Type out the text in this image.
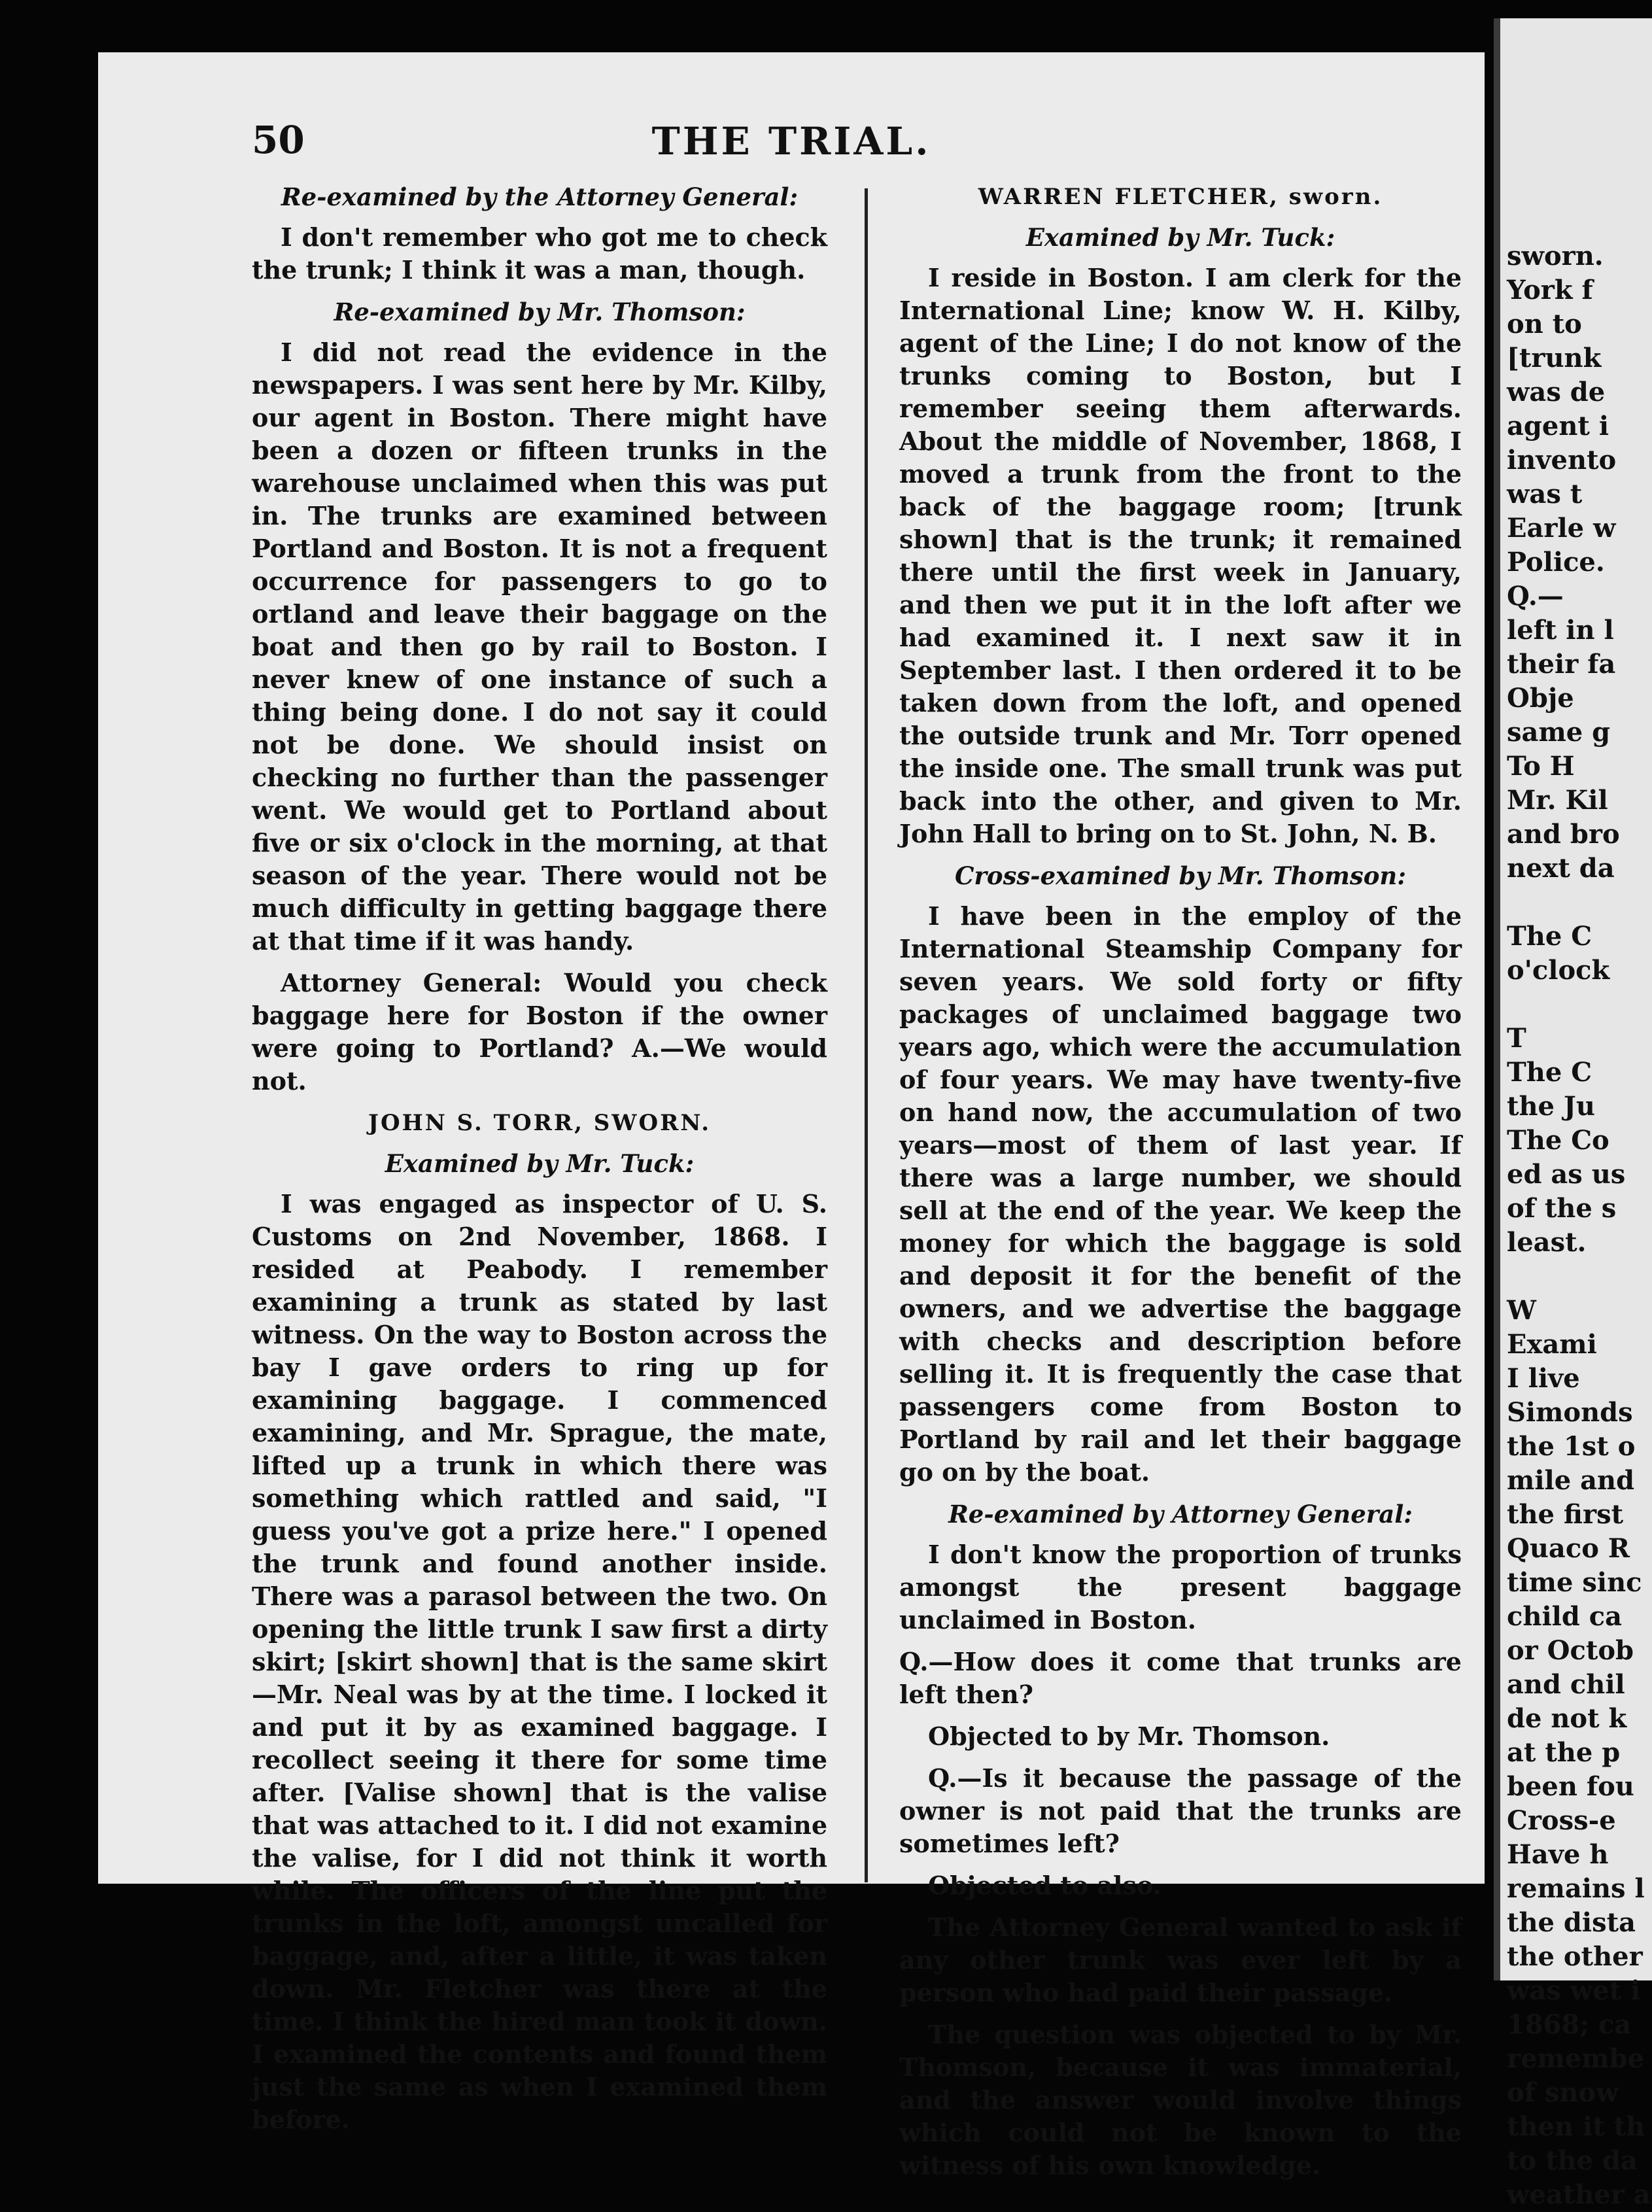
50	THE TRIAL.
Re-examined by the Attorney General:

I don't remember who got me to check the trunk; I think it was a man, though.

Re-examined by Mr. Thomson:

I did not read the evidence in the newspapers. I was sent here by Mr. Kilby, our agent in Boston. There might have been a dozen or fifteen trunks in the warehouse unclaimed when this was put in. The trunks are examined between Portland and Boston. It is not a frequent occurrence for passengers to go to ortland and leave their baggage on the boat and then go by rail to Boston. I never knew of one instance of such a thing being done. I do not say it could not be done. We should insist on checking no further than the passenger went. We would get to Portland about five or six o'clock in the morning, at that season of the year. There would not be much difficulty in getting baggage there at that time if it was handy.

Attorney General: Would you check baggage here for Boston if the owner were going to Portland? A.—We would not.

JOHN S. TORR, SWORN.
Examined by Mr. Tuck:

I was engaged as inspector of U. S. Customs on 2nd November, 1868. I resided at Peabody. I remember examining a trunk as stated by last witness. On the way to Boston across the bay I gave orders to ring up for examining baggage. I commenced examining, and Mr. Sprague, the mate, lifted up a trunk in which there was something which rattled and said, "I guess you've got a prize here." I opened the trunk and found another inside. There was a parasol between the two. On opening the little trunk I saw first a dirty skirt; [skirt shown] that is the same skirt—Mr. Neal was by at the time. I locked it and put it by as examined baggage. I recollect seeing it there for some time after. [Valise shown] that is the valise that was attached to it. I did not examine the valise, for I did not think it worth while. The officers of the line put the trunks in the loft, amongst uncalled for baggage, and, after a little, it was taken down. Mr. Fletcher was there at the time. I think the hired man took it down. I examined the contents and found them just the same as when I examined them before.

WARREN FLETCHER, sworn.
Examined by Mr. Tuck:

I reside in Boston. I am clerk for the International Line; know W. H. Kilby, agent of the Line; I do not know of the trunks coming to Boston, but I remember seeing them afterwards. About the middle of November, 1868, I moved a trunk from the front to the back of the baggage room; [trunk shown] that is the trunk; it remained there until the first week in January, and then we put it in the loft after we had examined it. I next saw it in September last. I then ordered it to be taken down from the loft, and opened the outside trunk and Mr. Torr opened the inside one. The small trunk was put back into the other, and given to Mr. John Hall to bring on to St. John, N. B.

Cross-examined by Mr. Thomson:

I have been in the employ of the International Steamship Company for seven years. We sold forty or fifty packages of unclaimed baggage two years ago, which were the accumulation of four years. We may have twenty-five on hand now, the accumulation of two years—most of them of last year. If there was a large number, we should sell at the end of the year. We keep the money for which the baggage is sold and deposit it for the benefit of the owners, and we advertise the baggage with checks and description before selling it. It is frequently the case that passengers come from Boston to Portland by rail and let their baggage go on by the boat.

Re-examined by Attorney General:

I don't know the proportion of trunks amongst the present baggage unclaimed in Boston.

Q.—How does it come that trunks are left then?

Objected to by Mr. Thomson.

Q.—Is it because the passage of the owner is not paid that the trunks are sometimes left?

Objected to also.

The Attorney General wanted to ask if any other trunk was ever left by a person who had paid their passage.

The question was objected to by Mr. Thomson, because it was immaterial, and the answer would involve things which could not be known to the witness of his own knowledge.

sworn.
York f
on to
[trunk
was de
agent i
invento
was t
Earle w
Police.
Q.—
left in l
their fa
Obje
same g
To H
Mr. Kil
and bro
next da

The C
o'clock

T
The C
the Ju
The Co
ed as us
of the s
least.

W
Exami
I live
Simonds
the 1st o
mile and
the first
Quaco R
time sinc
child ca
or Octob
and chil
de not k
at the p
been fou
Cross-e
Have h
remains l
the dista
the other
was wet i
1868; ca
remembe
of snow
then it th
to the da
weather a
